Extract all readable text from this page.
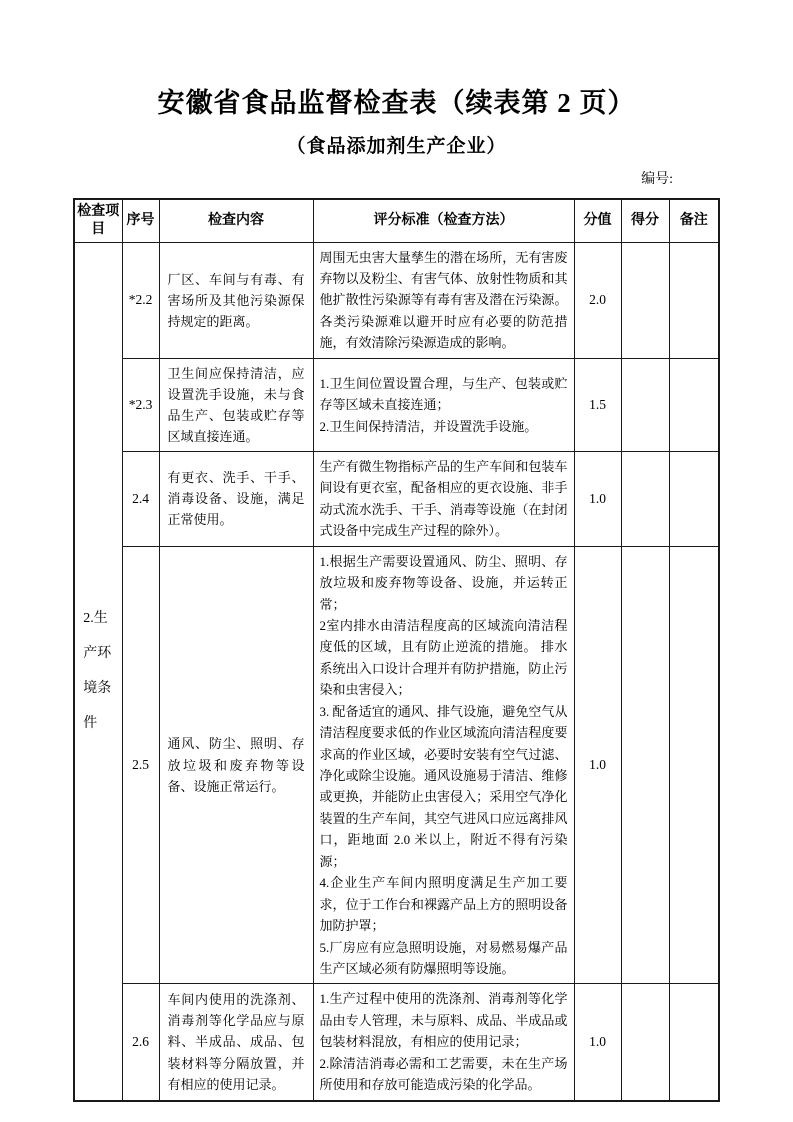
安徽省食品监督检查表（续表第 2 页）
（食品添加剂生产企业）
编号:
检查项目	序号	检查内容	评分标准（检查方法）	分值	得分	备注

2.生产环境条件	*2.2	厂区、车间与有毒、有害场所及其他污染源保持规定的距离。	周围无虫害大量孳生的潜在场所，无有害废弃物以及粉尘、有害气体、放射性物质和其他扩散性污染源等有毒有害及潜在污染源。各类污染源难以避开时应有必要的防范措施，有效清除污染源造成的影响。	2.0		
	*2.3	卫生间应保持清洁，应设置洗手设施，未与食品生产、包装或贮存等区域直接连通。	1.卫生间位置设置合理，与生产、包装或贮存等区域未直接连通；
2.卫生间保持清洁，并设置洗手设施。	1.5		
	2.4	有更衣、洗手、干手、消毒设备、设施，满足正常使用。	生产有微生物指标产品的生产车间和包装车间设有更衣室，配备相应的更衣设施、非手动式流水洗手、干手、消毒等设施（在封闭式设备中完成生产过程的除外）。	1.0		
	2.5	通风、防尘、照明、存放垃圾和废弃物等设备、设施正常运行。	1.根据生产需要设置通风、防尘、照明、存放垃圾和废弃物等设备、设施，并运转正常；
2室内排水由清洁程度高的区域流向清洁程度低的区域，且有防止逆流的措施。 排水系统出入口设计合理并有防护措施，防止污染和虫害侵入；
3. 配备适宜的通风、排气设施，避免空气从清洁程度要求低的作业区域流向清洁程度要求高的作业区域，必要时安装有空气过滤、净化或除尘设施。通风设施易于清洁、维修或更换，并能防止虫害侵入；采用空气净化装置的生产车间，其空气进风口应远离排风口，距地面 2.0 米以上，附近不得有污染源；
4.企业生产车间内照明度满足生产加工要求，位于工作台和裸露产品上方的照明设备加防护罩；
5.厂房应有应急照明设施，对易燃易爆产品生产区域必须有防爆照明等设施。	1.0		
	2.6	车间内使用的洗涤剂、消毒剂等化学品应与原料、半成品、成品、包装材料等分隔放置，并有相应的使用记录。	1.生产过程中使用的洗涤剂、消毒剂等化学品由专人管理，未与原料、成品、半成品或包装材料混放，有相应的使用记录；
2.除清洁消毒必需和工艺需要，未在生产场所使用和存放可能造成污染的化学品。	1.0		
